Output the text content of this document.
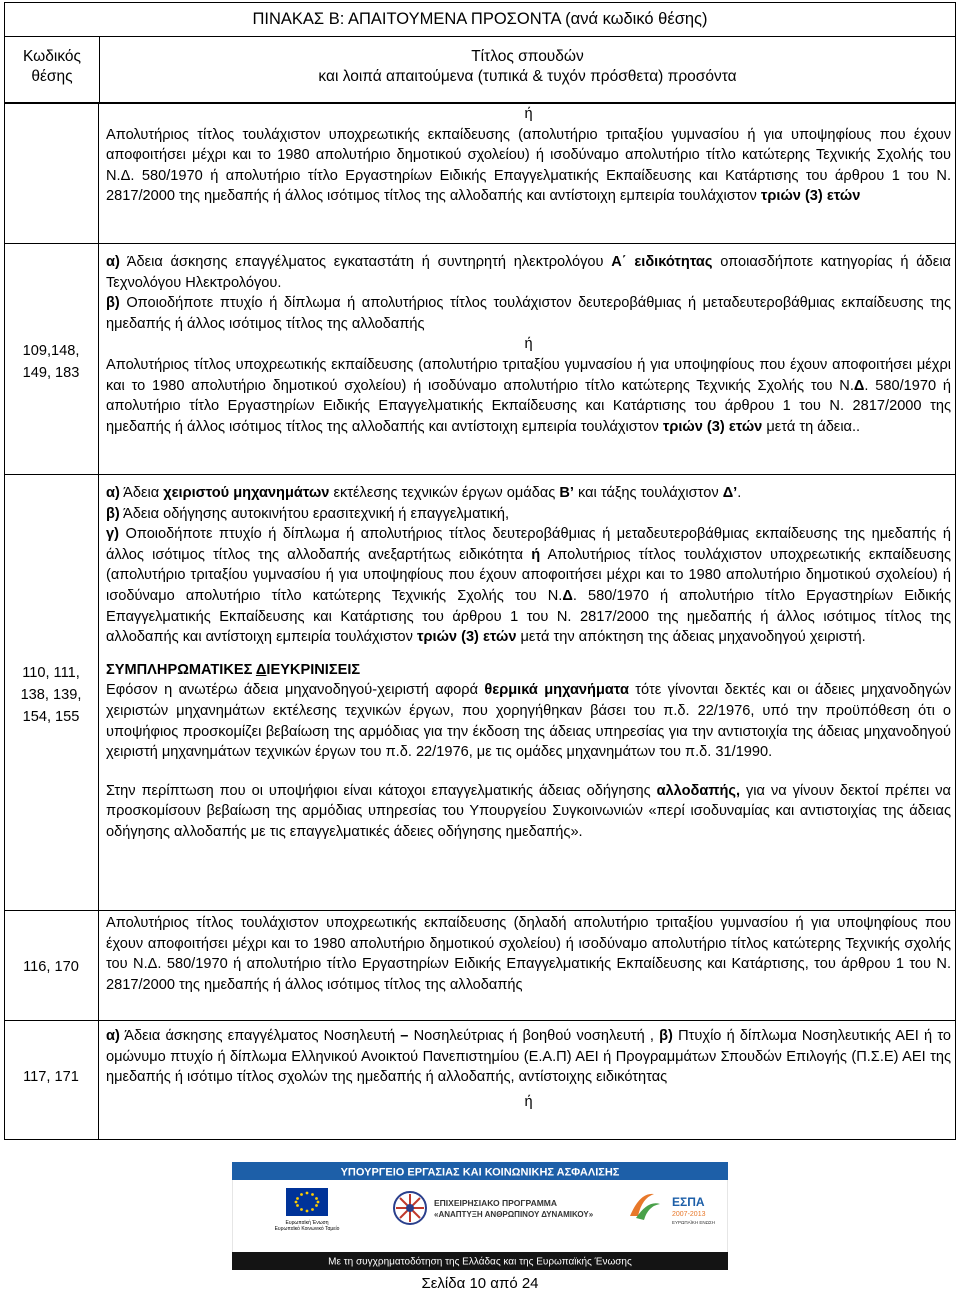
ΠΙΝΑΚΑΣ Β: ΑΠΑΙΤΟΥΜΕΝΑ ΠΡΟΣΟΝΤΑ (ανά κωδικό θέσης)
Κωδικός
θέσης
Τίτλος σπουδών
και λοιπά απαιτούμενα (τυπικά & τυχόν πρόσθετα) προσόντα

ή

Απολυτήριος τίτλος τουλάχιστον υποχρεωτικής εκπαίδευσης (απολυτήριο τριταξίου γυμνασίου ή για υποψηφίους που έχουν αποφοιτήσει μέχρι και το 1980 απολυτήριο δημοτικού σχολείου) ή ισοδύναμο απολυτήριο τίτλο κατώτερης Τεχνικής Σχολής του Ν.Δ. 580/1970 ή απολυτήριο τίτλο Εργαστηρίων Ειδικής Επαγγελματικής Εκπαίδευσης και Κατάρτισης του άρθρου 1 του Ν. 2817/2000 της ημεδαπής ή άλλος ισότιμος τίτλος της αλλοδαπής και αντίστοιχη εμπειρία τουλάχιστον τριών (3) ετών

109,148,
149, 183

α) Άδεια άσκησης επαγγέλματος εγκαταστάτη ή συντηρητή ηλεκτρολόγου Α΄ ειδικότητας οποιασδήποτε κατηγορίας ή άδεια Τεχνολόγου Ηλεκτρολόγου.

β) Οποιοδήποτε πτυχίο ή δίπλωμα ή απολυτήριος τίτλος τουλάχιστον δευτεροβάθμιας ή μεταδευτεροβάθμιας εκπαίδευσης της ημεδαπής ή άλλος ισότιμος τίτλος της αλλοδαπής

ή

Απολυτήριος τίτλος υποχρεωτικής εκπαίδευσης (απολυτήριο τριταξίου γυμνασίου ή για υποψηφίους που έχουν αποφοιτήσει μέχρι και το 1980 απολυτήριο δημοτικού σχολείου) ή ισοδύναμο απολυτήριο τίτλο κατώτερης Τεχνικής Σχολής του Ν.Δ. 580/1970 ή απολυτήριο τίτλο Εργαστηρίων Ειδικής Επαγγελματικής Εκπαίδευσης και Κατάρτισης του άρθρου 1 του Ν. 2817/2000 της ημεδαπής ή άλλος ισότιμος τίτλος της αλλοδαπής και αντίστοιχη εμπειρία τουλάχιστον τριών (3) ετών μετά τη άδεια..

110, 111,
138, 139,
154, 155

α) Άδεια χειριστού μηχανημάτων εκτέλεσης τεχνικών έργων ομάδας Β’ και τάξης τουλάχιστον Δ’.

β) Άδεια οδήγησης αυτοκινήτου ερασιτεχνική ή επαγγελματική,

γ) Οποιοδήποτε πτυχίο ή δίπλωμα ή απολυτήριος τίτλος δευτεροβάθμιας ή μεταδευτεροβάθμιας εκπαίδευσης της ημεδαπής ή άλλος ισότιμος τίτλος της αλλοδαπής ανεξαρτήτως ειδικότητα ή Απολυτήριος τίτλος τουλάχιστον υποχρεωτικής εκπαίδευσης (απολυτήριο τριταξίου γυμνασίου ή για υποψηφίους που έχουν αποφοιτήσει μέχρι και το 1980 απολυτήριο δημοτικού σχολείου) ή ισοδύναμο απολυτήριο τίτλο κατώτερης Τεχνικής Σχολής του Ν.Δ. 580/1970 ή απολυτήριο τίτλο Εργαστηρίων Ειδικής Επαγγελματικής Εκπαίδευσης και Κατάρτισης του άρθρου 1 του Ν. 2817/2000 της ημεδαπής ή άλλος ισότιμος τίτλος της αλλοδαπής και αντίστοιχη εμπειρία τουλάχιστον τριών (3) ετών μετά την απόκτηση της άδειας μηχανοδηγού χειριστή.

ΣΥΜΠΛΗΡΩΜΑΤΙΚΕΣ ΔΙΕΥΚΡΙΝΙΣΕΙΣ

Εφόσον η ανωτέρω άδεια μηχανοδηγού-χειριστή αφορά θερμικά μηχανήματα τότε γίνονται δεκτές και οι άδειες μηχανοδηγών χειριστών μηχανημάτων εκτέλεσης τεχνικών έργων, που χορηγήθηκαν βάσει του π.δ. 22/1976, υπό την προϋπόθεση ότι ο υποψήφιος προσκομίζει βεβαίωση της αρμόδιας για την έκδοση της άδειας υπηρεσίας για την αντιστοιχία της άδειας μηχανοδηγού χειριστή μηχανημάτων τεχνικών έργων του π.δ. 22/1976, με τις ομάδες μηχανημάτων του π.δ. 31/1990.

Στην περίπτωση που οι υποψήφιοι είναι κάτοχοι επαγγελματικής άδειας οδήγησης αλλοδαπής, για να γίνουν δεκτοί πρέπει να προσκομίσουν βεβαίωση της αρμόδιας υπηρεσίας του Υπουργείου Συγκοινωνιών «περί ισοδυναμίας και αντιστοιχίας της άδειας οδήγησης αλλοδαπής με τις επαγγελματικές άδειες οδήγησης ημεδαπής».

116, 170

Απολυτήριος τίτλος τουλάχιστον υποχρεωτικής εκπαίδευσης (δηλαδή απολυτήριο τριταξίου γυμνασίου ή για υποψηφίους που έχουν αποφοιτήσει μέχρι και το 1980 απολυτήριο δημοτικού σχολείου) ή ισοδύναμο απολυτήριο τίτλος κατώτερης Τεχνικής σχολής του Ν.Δ. 580/1970 ή απολυτήριο τίτλο Εργαστηρίων Ειδικής Επαγγελματικής Εκπαίδευσης και Κατάρτισης, του άρθρου 1 του Ν. 2817/2000 της ημεδαπής ή άλλος ισότιμος τίτλος της αλλοδαπής

117, 171

α) Άδεια άσκησης επαγγέλματος Νοσηλευτή – Νοσηλεύτριας ή βοηθού νοσηλευτή , β) Πτυχίο ή δίπλωμα Νοσηλευτικής ΑΕΙ ή το ομώνυμο πτυχίο ή δίπλωμα Ελληνικού Ανοικτού Πανεπιστημίου (Ε.Α.Π) ΑΕΙ ή Προγραμμάτων Σπουδών Επιλογής (Π.Σ.Ε) ΑΕΙ της ημεδαπής ή ισότιμο τίτλος σχολών της ημεδαπής ή αλλοδαπής, αντίστοιχης ειδικότητας

ή

ΥΠΟΥΡΓΕΙΟ ΕΡΓΑΣΙΑΣ ΚΑΙ ΚΟΙΝΩΝΙΚΗΣ ΑΣΦΑΛΙΣΗΣ
Ευρωπαϊκή Ένωση
Ευρωπαϊκό Κοινωνικό Ταμείο
ΕΠΙΧΕΙΡΗΣΙΑΚΟ ΠΡΟΓΡΑΜΜΑ
«ΑΝΑΠΤΥΞΗ ΑΝΘΡΩΠΙΝΟΥ ΔΥΝΑΜΙΚΟΥ»
ΕΣΠΑ
2007-2013
ΕΥΡΩΠΑΪΚΗ ΕΝΩΣΗ
Με τη συγχρηματοδότηση της Ελλάδας και της Ευρωπαϊκής Ένωσης
Σελίδα 10 από 24
